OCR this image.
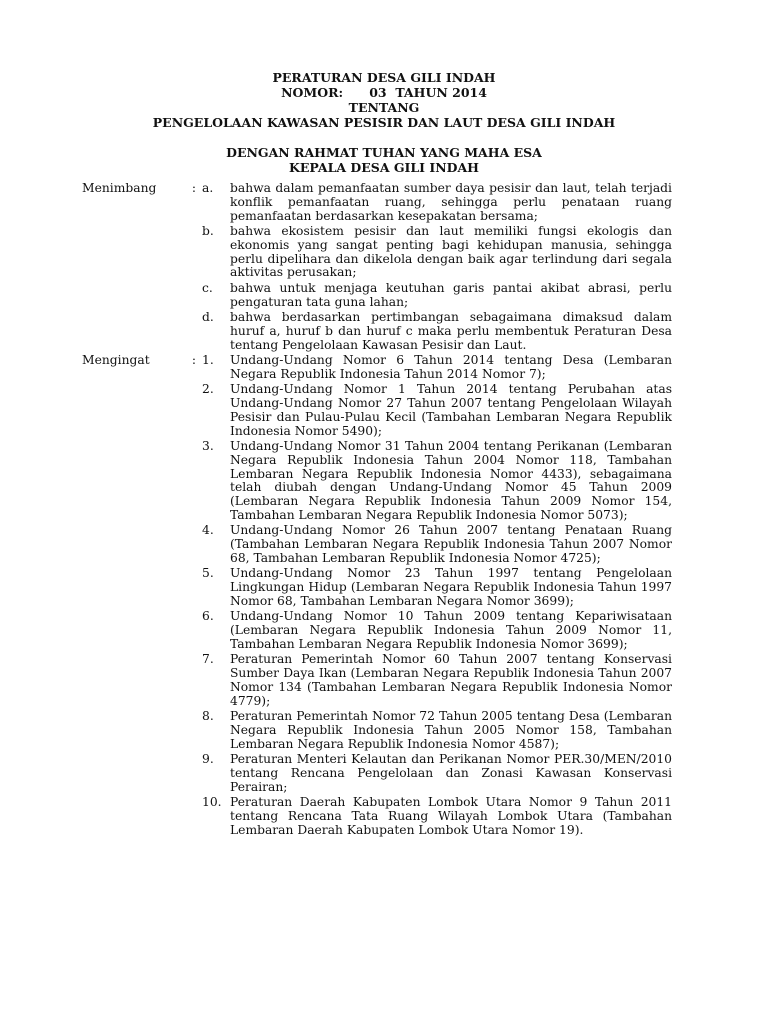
PERATURAN DESA GILI INDAH
NOMOR:      03  TAHUN 2014
TENTANG
PENGELOLAAN KAWASAN PESISIR DAN LAUT DESA GILI INDAH
DENGAN RAHMAT TUHAN YANG MAHA ESA
KEPALA DESA GILI INDAH
Menimbang	: a.	bahwa dalam pemanfaatan sumber daya pesisir dan laut, telah terjadi konflik pemanfaatan ruang, sehingga perlu penataan ruang pemanfaatan berdasarkan kesepakatan bersama;
b.	bahwa ekosistem pesisir dan laut memiliki fungsi ekologis dan ekonomis yang sangat penting bagi kehidupan manusia, sehingga perlu dipelihara dan dikelola dengan baik agar terlindung dari segala aktivitas perusakan;
c.	bahwa untuk menjaga keutuhan garis pantai akibat abrasi, perlu pengaturan tata guna lahan;
d.	bahwa berdasarkan pertimbangan sebagaimana dimaksud dalam huruf a, huruf b dan huruf c maka perlu membentuk Peraturan Desa tentang Pengelolaan Kawasan Pesisir dan Laut.
Mengingat	: 1.	Undang-Undang Nomor 6 Tahun 2014 tentang Desa (Lembaran Negara Republik Indonesia Tahun 2014 Nomor 7);
2.	Undang-Undang Nomor 1 Tahun 2014 tentang Perubahan atas Undang-Undang Nomor 27 Tahun 2007 tentang Pengelolaan Wilayah Pesisir dan Pulau-Pulau Kecil (Tambahan Lembaran Negara Republik Indonesia Nomor 5490);
3.	Undang-Undang Nomor 31 Tahun 2004 tentang Perikanan (Lembaran Negara Republik Indonesia Tahun 2004 Nomor 118, Tambahan Lembaran Negara Republik Indonesia Nomor 4433), sebagaimana telah diubah dengan Undang-Undang Nomor 45 Tahun 2009 (Lembaran Negara Republik Indonesia Tahun 2009 Nomor 154, Tambahan Lembaran Negara Republik Indonesia Nomor 5073);
4.	Undang-Undang Nomor 26 Tahun 2007 tentang Penataan Ruang (Tambahan Lembaran Negara Republik Indonesia Tahun 2007 Nomor 68, Tambahan Lembaran Republik Indonesia Nomor 4725);
5.	Undang-Undang Nomor 23 Tahun 1997 tentang Pengelolaan Lingkungan Hidup (Lembaran Negara Republik Indonesia Tahun 1997 Nomor 68, Tambahan Lembaran Negara Nomor 3699);
6.	Undang-Undang Nomor 10 Tahun 2009 tentang Kepariwisataan (Lembaran Negara Republik Indonesia Tahun 2009 Nomor 11, Tambahan Lembaran Negara Republik Indonesia Nomor 3699);
7.	Peraturan Pemerintah Nomor 60 Tahun 2007 tentang Konservasi Sumber Daya Ikan (Lembaran Negara Republik Indonesia Tahun 2007 Nomor 134 (Tambahan Lembaran Negara Republik Indonesia Nomor 4779);
8.	Peraturan Pemerintah Nomor 72 Tahun 2005 tentang Desa (Lembaran Negara Republik Indonesia Tahun 2005 Nomor 158, Tambahan Lembaran Negara Republik Indonesia Nomor 4587);
9.	Peraturan Menteri Kelautan dan Perikanan Nomor PER.30/MEN/2010 tentang Rencana Pengelolaan dan Zonasi Kawasan Konservasi Perairan;
10. Peraturan Daerah Kabupaten Lombok Utara Nomor 9 Tahun 2011 tentang Rencana Tata Ruang Wilayah Lombok Utara (Tambahan Lembaran Daerah Kabupaten Lombok Utara Nomor 19).
